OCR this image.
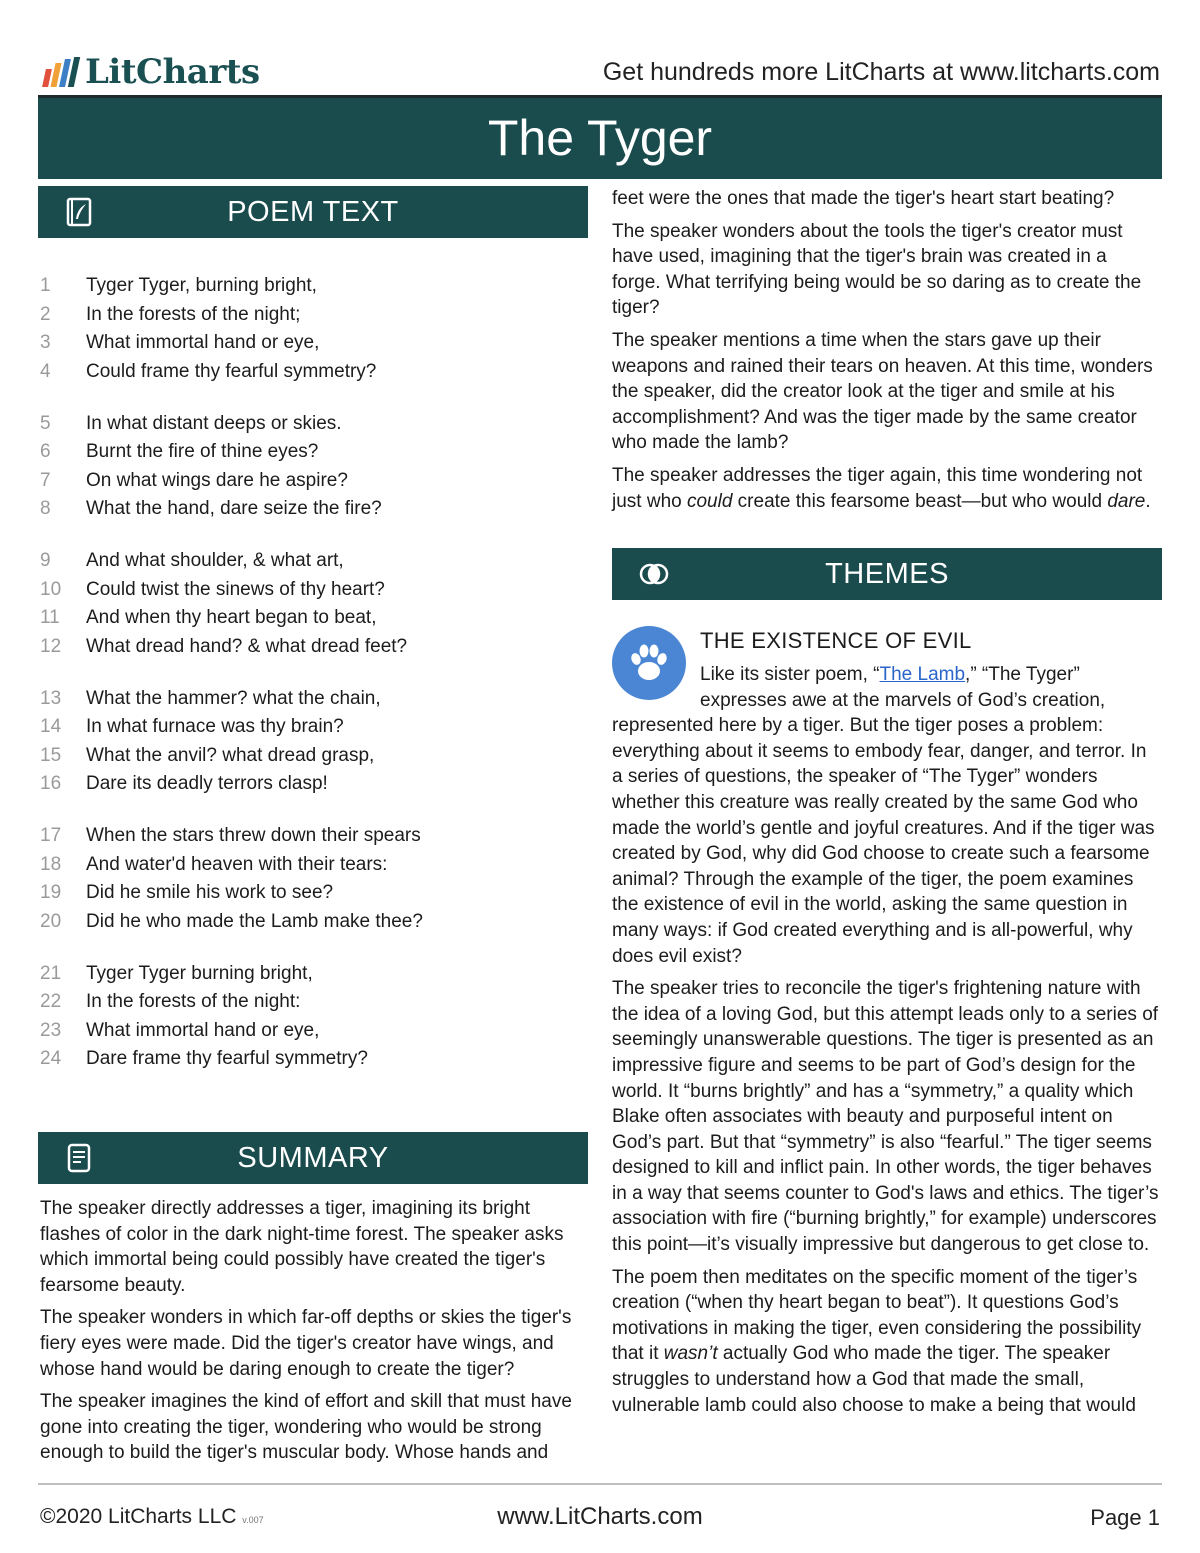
LitCharts	Get hundreds more LitCharts at www.litcharts.com
The Tyger
POEM TEXT
1	Tyger Tyger, burning bright,
2	In the forests of the night;
3	What immortal hand or eye,
4	Could frame thy fearful symmetry?
5	In what distant deeps or skies.
6	Burnt the fire of thine eyes?
7	On what wings dare he aspire?
8	What the hand, dare seize the fire?
9	And what shoulder, & what art,
10	Could twist the sinews of thy heart?
11	And when thy heart began to beat,
12	What dread hand? & what dread feet?
13	What the hammer? what the chain,
14	In what furnace was thy brain?
15	What the anvil? what dread grasp,
16	Dare its deadly terrors clasp!
17	When the stars threw down their spears
18	And water'd heaven with their tears:
19	Did he smile his work to see?
20	Did he who made the Lamb make thee?
21	Tyger Tyger burning bright,
22	In the forests of the night:
23	What immortal hand or eye,
24	Dare frame thy fearful symmetry?
SUMMARY

The speaker directly addresses a tiger, imagining its bright flashes of color in the dark night-time forest. The speaker asks which immortal being could possibly have created the tiger's fearsome beauty.

The speaker wonders in which far-off depths or skies the tiger's fiery eyes were made. Did the tiger's creator have wings, and whose hand would be daring enough to create the tiger?

The speaker imagines the kind of effort and skill that must have gone into creating the tiger, wondering who would be strong enough to build the tiger's muscular body. Whose hands and

feet were the ones that made the tiger's heart start beating?

The speaker wonders about the tools the tiger's creator must have used, imagining that the tiger's brain was created in a forge. What terrifying being would be so daring as to create the tiger?

The speaker mentions a time when the stars gave up their weapons and rained their tears on heaven. At this time, wonders the speaker, did the creator look at the tiger and smile at his accomplishment? And was the tiger made by the same creator who made the lamb?

The speaker addresses the tiger again, this time wondering not just who could create this fearsome beast—but who would dare.

THEMES
THE EXISTENCE OF EVIL

Like its sister poem, “The Lamb,” “The Tyger” expresses awe at the marvels of God’s creation, represented here by a tiger. But the tiger poses a problem: everything about it seems to embody fear, danger, and terror. In a series of questions, the speaker of “The Tyger” wonders whether this creature was really created by the same God who made the world’s gentle and joyful creatures. And if the tiger was created by God, why did God choose to create such a fearsome animal? Through the example of the tiger, the poem examines the existence of evil in the world, asking the same question in many ways: if God created everything and is all-powerful, why does evil exist?

The speaker tries to reconcile the tiger's frightening nature with the idea of a loving God, but this attempt leads only to a series of seemingly unanswerable questions. The tiger is presented as an impressive figure and seems to be part of God’s design for the world. It “burns brightly” and has a “symmetry,” a quality which Blake often associates with beauty and purposeful intent on God’s part. But that “symmetry” is also “fearful.” The tiger seems designed to kill and inflict pain. In other words, the tiger behaves in a way that seems counter to God's laws and ethics. The tiger’s association with fire (“burning brightly,” for example) underscores this point—it’s visually impressive but dangerous to get close to.

The poem then meditates on the specific moment of the tiger’s creation (“when thy heart began to beat”). It questions God’s motivations in making the tiger, even considering the possibility that it wasn’t actually God who made the tiger. The speaker struggles to understand how a God that made the small, vulnerable lamb could also choose to make a being that would

©2020 LitCharts LLC v.007	www.LitCharts.com	Page 1
